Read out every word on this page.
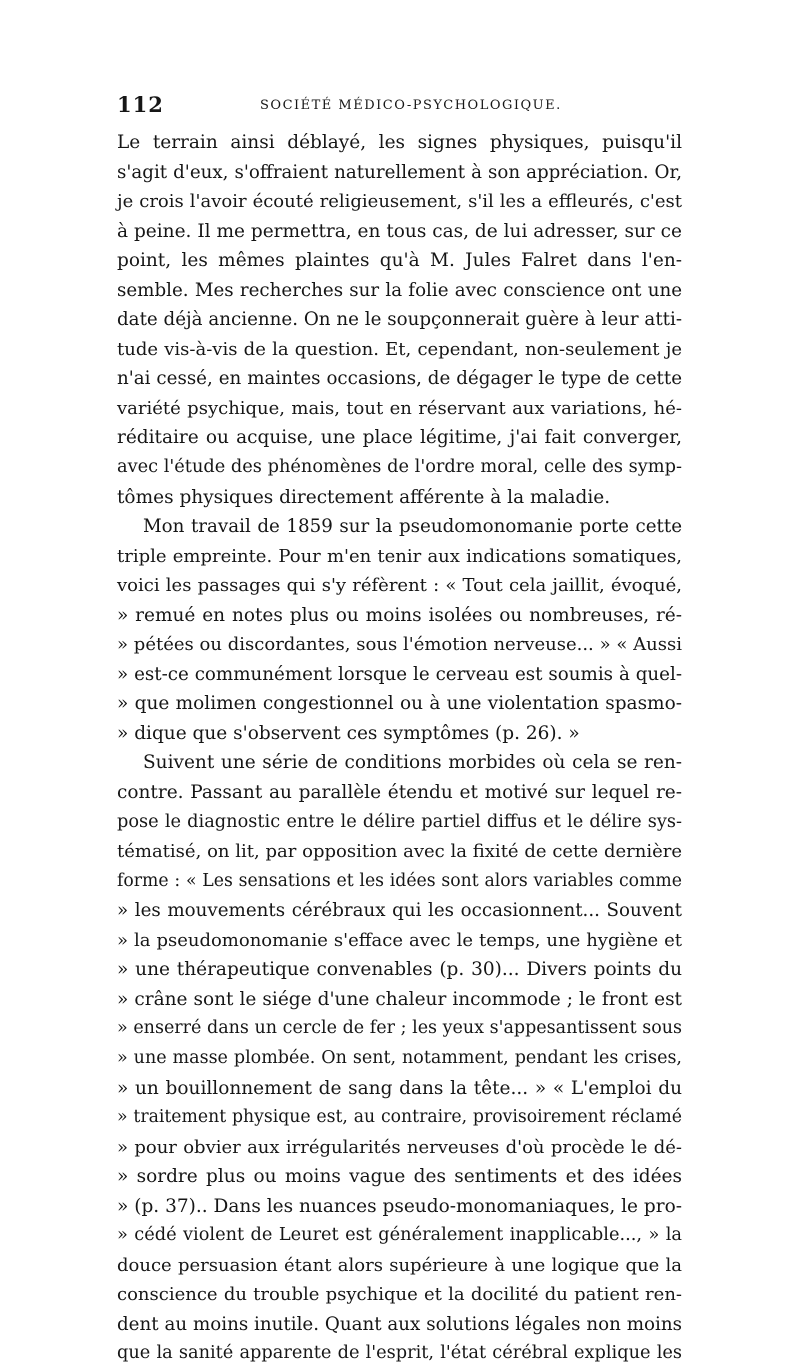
112	SOCIÉTÉ MÉDICO-PSYCHOLOGIQUE.
Le terrain ainsi déblayé, les signes physiques, puisqu'il
s'agit d'eux, s'offraient naturellement à son appréciation. Or,
je crois l'avoir écouté religieusement, s'il les a effleurés, c'est
à peine. Il me permettra, en tous cas, de lui adresser, sur ce
point, les mêmes plaintes qu'à M. Jules Falret dans l'en-
semble. Mes recherches sur la folie avec conscience ont une
date déjà ancienne. On ne le soupçonnerait guère à leur atti-
tude vis-à-vis de la question. Et, cependant, non-seulement je
n'ai cessé, en maintes occasions, de dégager le type de cette
variété psychique, mais, tout en réservant aux variations, hé-
réditaire ou acquise, une place légitime, j'ai fait converger,
avec l'étude des phénomènes de l'ordre moral, celle des symp-
tômes physiques directement afférente à la maladie.
Mon travail de 1859 sur la pseudomonomanie porte cette
triple empreinte. Pour m'en tenir aux indications somatiques,
voici les passages qui s'y réfèrent : « Tout cela jaillit, évoqué,
» remué en notes plus ou moins isolées ou nombreuses, ré-
» pétées ou discordantes, sous l'émotion nerveuse... » « Aussi
» est-ce communément lorsque le cerveau est soumis à quel-
» que molimen congestionnel ou à une violentation spasmo-
» dique que s'observent ces symptômes (p. 26). »
Suivent une série de conditions morbides où cela se ren-
contre. Passant au parallèle étendu et motivé sur lequel re-
pose le diagnostic entre le délire partiel diffus et le délire sys-
tématisé, on lit, par opposition avec la fixité de cette dernière
forme : « Les sensations et les idées sont alors variables comme
» les mouvements cérébraux qui les occasionnent... Souvent
» la pseudomonomanie s'efface avec le temps, une hygiène et
» une thérapeutique convenables (p. 30)... Divers points du
» crâne sont le siége d'une chaleur incommode ; le front est
» enserré dans un cercle de fer ; les yeux s'appesantissent sous
» une masse plombée. On sent, notamment, pendant les crises,
» un bouillonnement de sang dans la tête... » « L'emploi du
» traitement physique est, au contraire, provisoirement réclamé
» pour obvier aux irrégularités nerveuses d'où procède le dé-
» sordre plus ou moins vague des sentiments et des idées
» (p. 37).. Dans les nuances pseudo-monomaniaques, le pro-
» cédé violent de Leuret est généralement inapplicable..., » la
douce persuasion étant alors supérieure à une logique que la
conscience du trouble psychique et la docilité du patient ren-
dent au moins inutile. Quant aux solutions légales non moins
que la sanité apparente de l'esprit, l'état cérébral explique les
